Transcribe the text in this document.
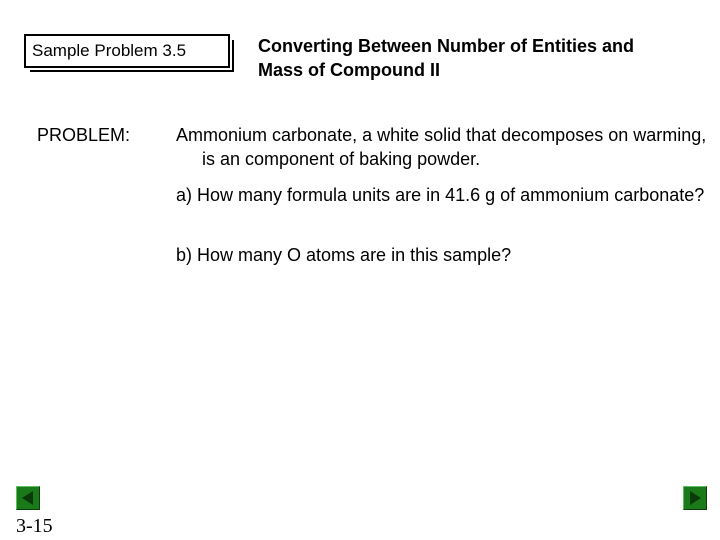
Sample Problem 3.5	Converting Between Number of Entities and
Mass of Compound II
PROBLEM:	Ammonium carbonate, a white solid that decomposes on warming, is an component of baking powder.
a) How many formula units are in 41.6 g of ammonium carbonate?
b) How many O atoms are in this sample?
3-15
